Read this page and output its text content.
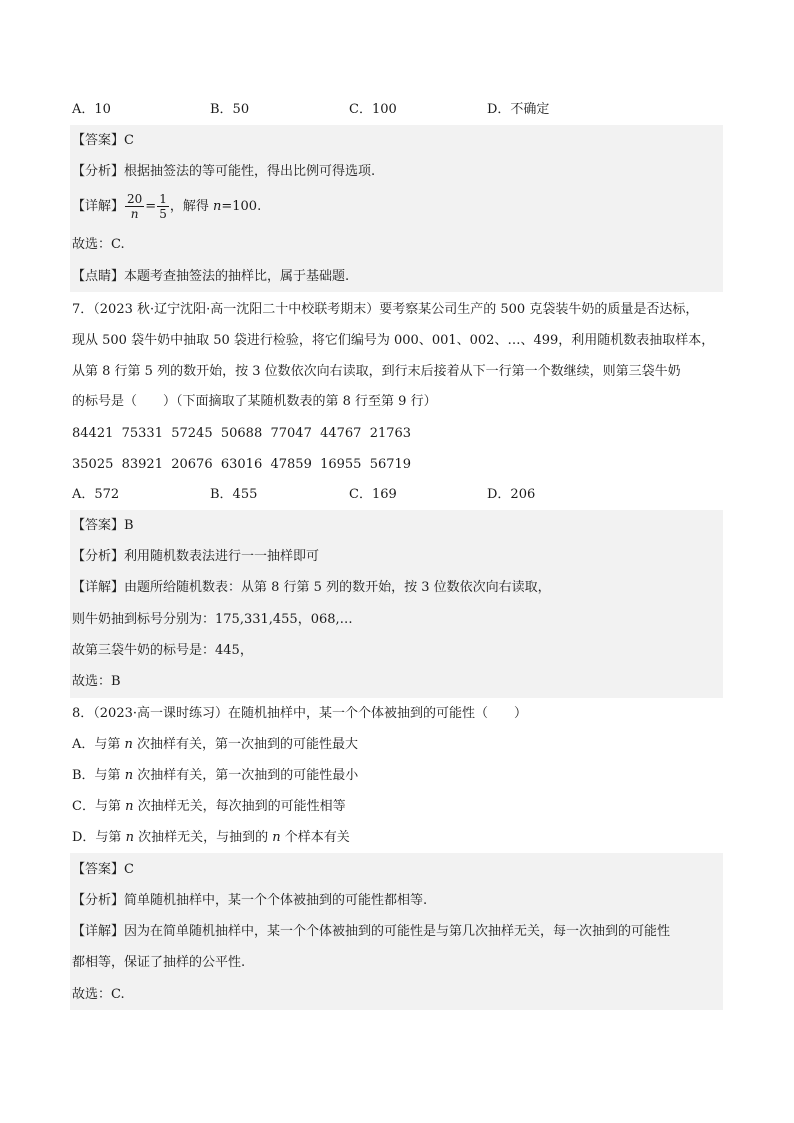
A．10	B．50	C．100	D．不确定
【答案】C
【分析】根据抽签法的等可能性，得出比例可得选项.
【详解】 $\frac{20}{n} = \frac{1}{5}$ ，解得 n=100.
故选：C.
【点睛】本题考查抽签法的抽样比，属于基础题.
7．（2023 秋·辽宁沈阳·高一沈阳二十中校联考期末）要考察某公司生产的 500 克袋装牛奶的质量是否达标，
现从 500 袋牛奶中抽取 50 袋进行检验，将它们编号为 000、001、002、…、499，利用随机数表抽取样本，
从第 8 行第 5 列的数开始，按 3 位数依次向右读取，到行末后接着从下一行第一个数继续，则第三袋牛奶
的标号是（　　）（下面摘取了某随机数表的第 8 行至第 9 行）
84421  75331  57245  50688  77047  44767  21763
35025  83921  20676  63016  47859  16955  56719
A．572	B．455	C．169	D．206
【答案】B
【分析】利用随机数表法进行一一抽样即可
【详解】由题所给随机数表：从第 8 行第 5 列的数开始，按 3 位数依次向右读取，
则牛奶抽到标号分别为：175,331,455，068,…
故第三袋牛奶的标号是：445，
故选：B
8．（2023·高一课时练习）在随机抽样中，某一个个体被抽到的可能性（　　）
A．与第 n 次抽样有关，第一次抽到的可能性最大
B．与第 n 次抽样有关，第一次抽到的可能性最小
C．与第 n 次抽样无关，每次抽到的可能性相等
D．与第 n 次抽样无关，与抽到的 n 个样本有关
【答案】C
【分析】简单随机抽样中，某一个个体被抽到的可能性都相等.
【详解】因为在简单随机抽样中，某一个个体被抽到的可能性是与第几次抽样无关，每一次抽到的可能性
都相等，保证了抽样的公平性.
故选：C.
